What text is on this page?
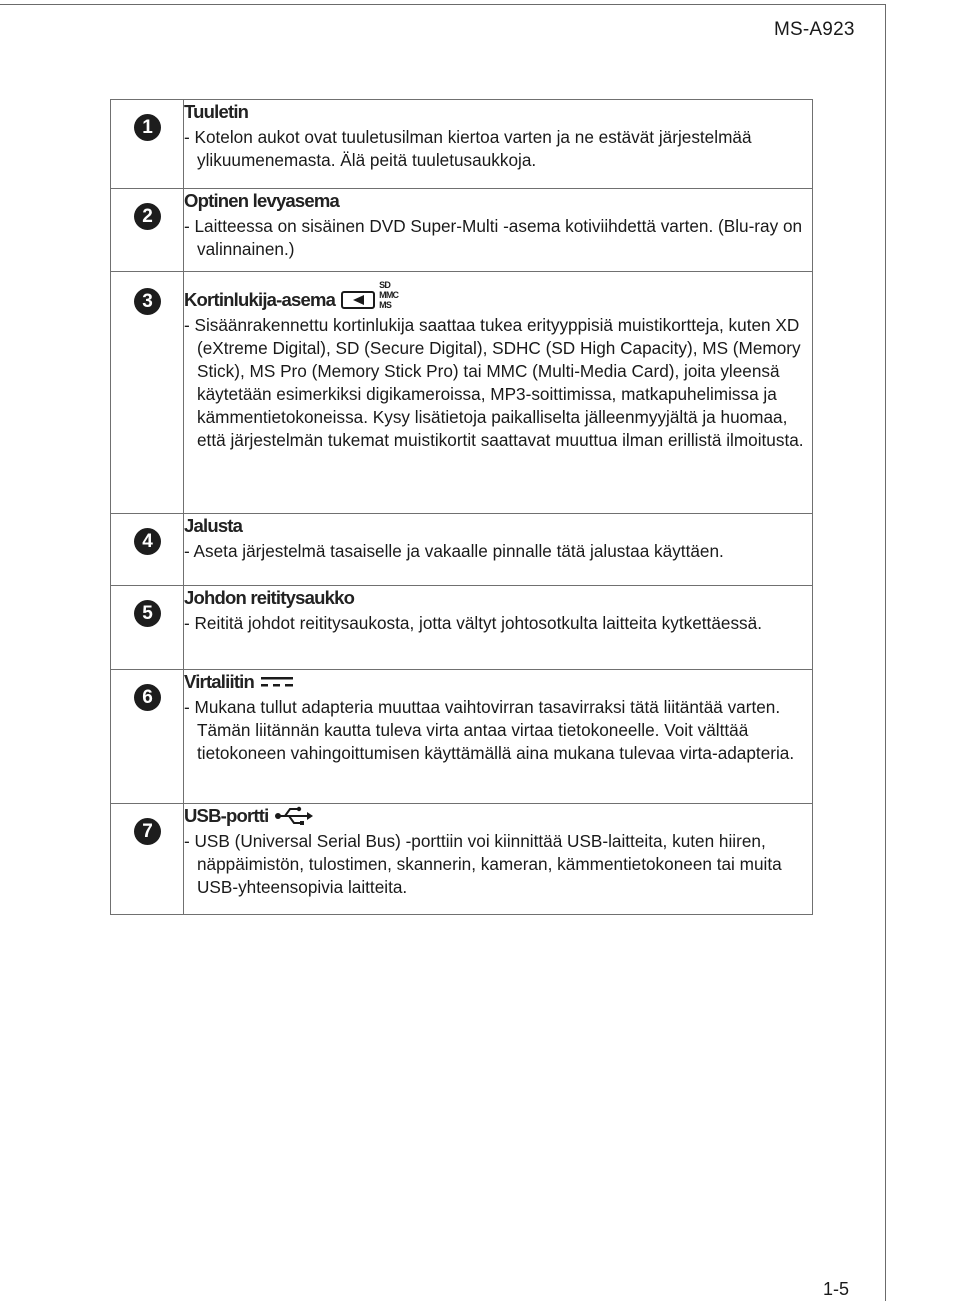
MS-A923
1	Tuuletin
- Kotelon aukot ovat tuuletusilman kiertoa varten ja ne estävät järjestelmää ylikuumenemasta. Älä peitä tuuletusaukkoja.

2	Optinen levyasema
- Laitteessa on sisäinen DVD Super-Multi -asema kotiviihdettä varten. (Blu-ray on valinnainen.)

3	Kortinlukija-asema
SD
MMC
MS
- Sisäänrakennettu kortinlukija saattaa tukea erityyppisiä muistikortteja, kuten XD (eXtreme Digital), SD (Secure Digital), SDHC (SD High Capacity), MS (Memory Stick), MS Pro (Memory Stick Pro) tai MMC (Multi-Media Card), joita yleensä käytetään esimerkiksi digikameroissa, MP3-soittimissa, matkapuhelimissa ja kämmentietokoneissa. Kysy lisätietoja paikalliselta jälleenmyyjältä ja huomaa, että järjestelmän tukemat muistikortit saattavat muuttua ilman erillistä ilmoitusta.

4	Jalusta
- Aseta järjestelmä tasaiselle ja vakaalle pinnalle tätä jalustaa käyttäen.

5	Johdon reititysaukko
- Reititä johdot reititysaukosta, jotta vältyt johtosotkulta laitteita kytkettäessä.

6	Virtaliitin
- Mukana tullut adapteria muuttaa vaihtovirran tasavirraksi tätä liitäntää varten. Tämän liitännän kautta tuleva virta antaa virtaa tietokoneelle. Voit välttää tietokoneen vahingoittumisen käyttämällä aina mukana tulevaa virta-adapteria.

7	USB-portti
- USB (Universal Serial Bus) -porttiin voi kiinnittää USB-laitteita, kuten hiiren, näppäimistön, tulostimen, skannerin, kameran, kämmentietokoneen tai muita USB-yhteensopivia laitteita.
1-5
